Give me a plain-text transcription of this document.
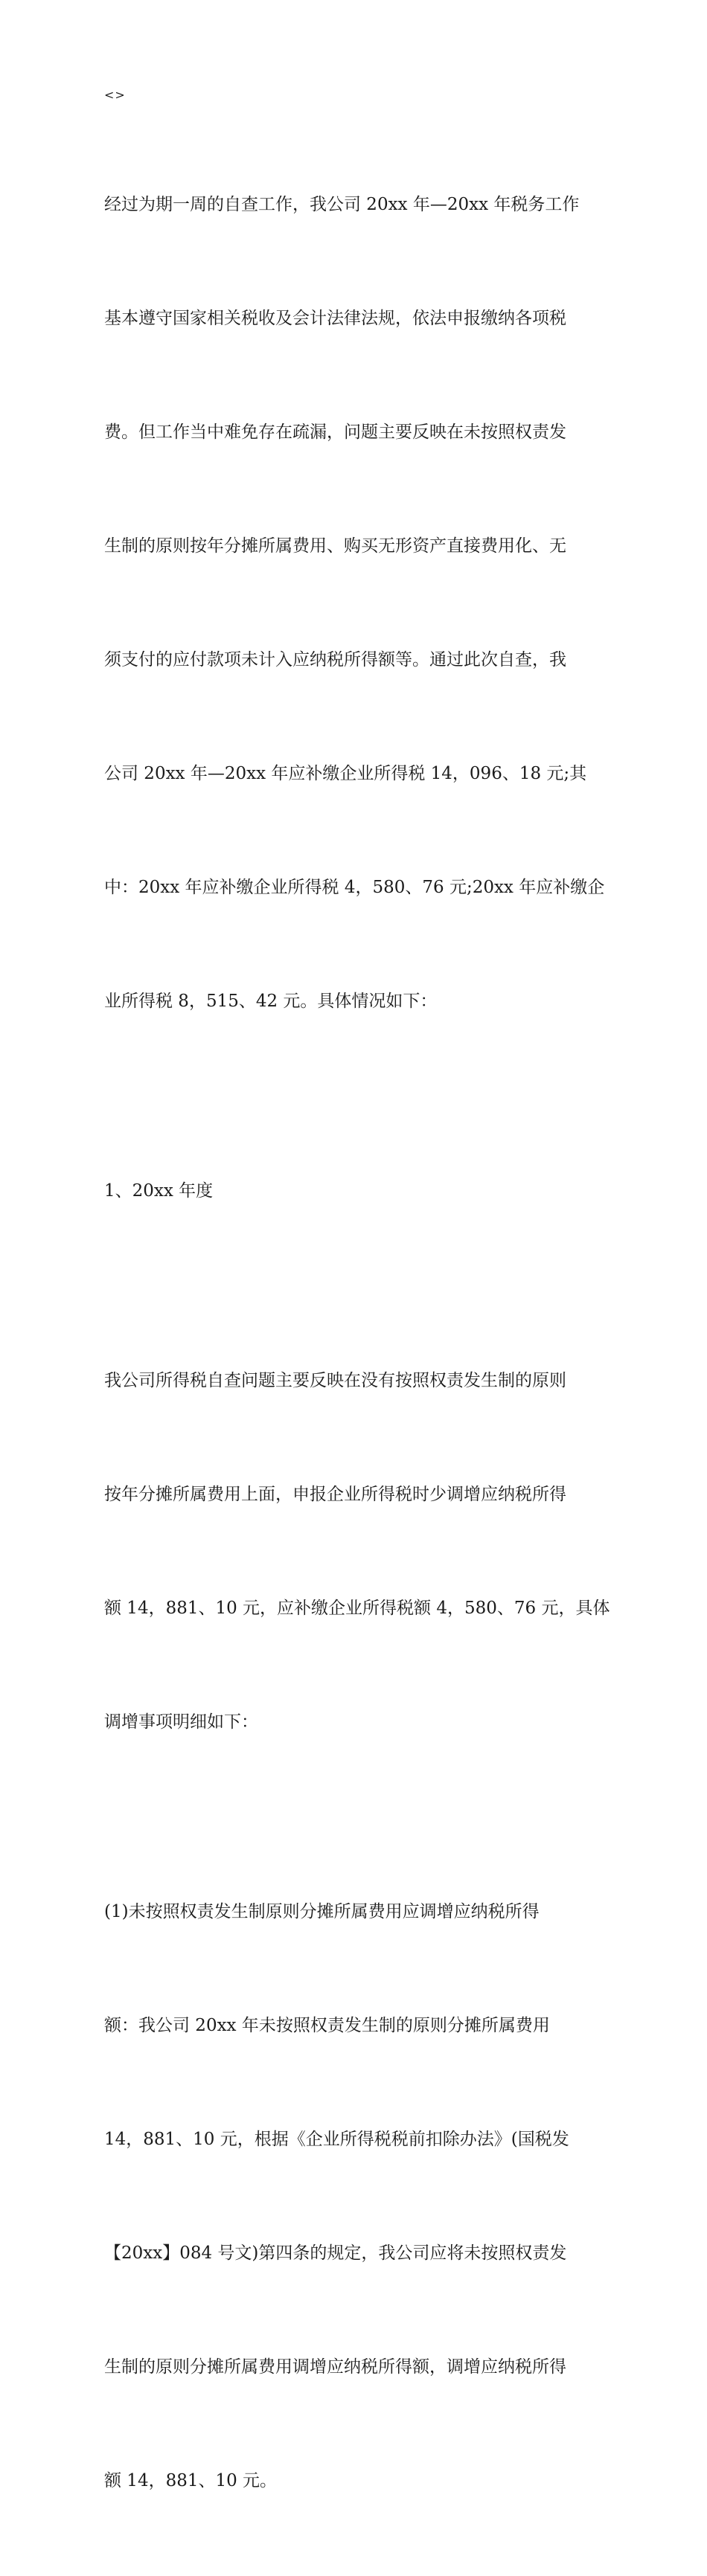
<>

经过为期一周的自查工作，我公司 20xx 年—20xx 年税务工作

基本遵守国家相关税收及会计法律法规，依法申报缴纳各项税

费。但工作当中难免存在疏漏，问题主要反映在未按照权责发

生制的原则按年分摊所属费用、购买无形资产直接费用化、无

须支付的应付款项未计入应纳税所得额等。通过此次自查，我

公司 20xx 年—20xx 年应补缴企业所得税 14，096、18 元;其

中：20xx 年应补缴企业所得税 4，580、76 元;20xx 年应补缴企

业所得税 8，515、42 元。具体情况如下：

1、20xx 年度

我公司所得税自查问题主要反映在没有按照权责发生制的原则

按年分摊所属费用上面，申报企业所得税时少调增应纳税所得

额 14，881、10 元，应补缴企业所得税额 4，580、76 元，具体

调增事项明细如下：

(1)未按照权责发生制原则分摊所属费用应调增应纳税所得

额：我公司 20xx 年未按照权责发生制的原则分摊所属费用

14，881、10 元，根据《企业所得税税前扣除办法》(国税发

【20xx】084 号文)第四条的规定，我公司应将未按照权责发

生制的原则分摊所属费用调增应纳税所得额，调增应纳税所得

额 14，881、10 元。
